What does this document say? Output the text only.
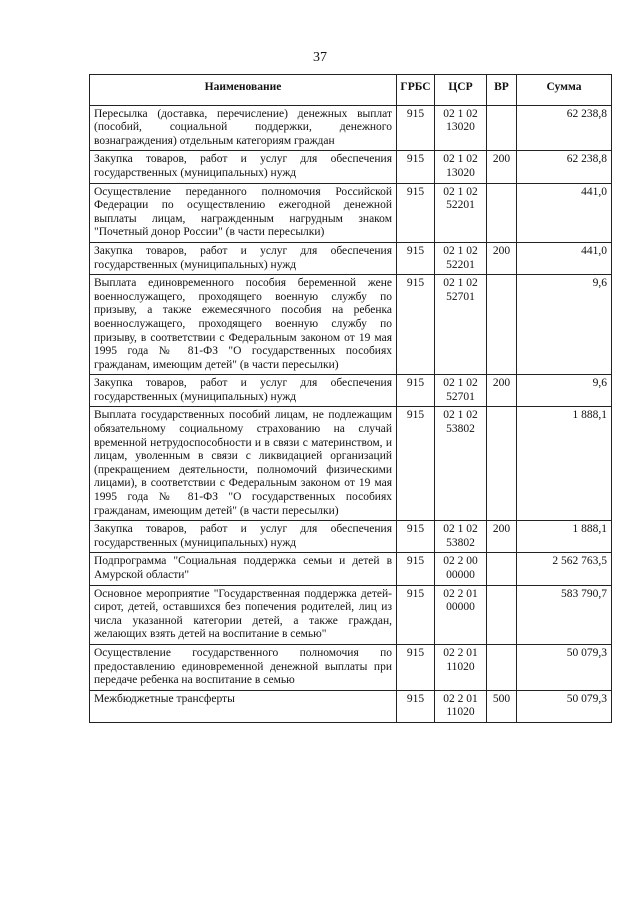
37
Наименование	ГРБС	ЦСР	ВР	Сумма
Пересылка (доставка, перечисление) денежных выплат (пособий, социальной поддержки, денежного вознаграждения) отдельным категориям граждан	915	02 1 02 13020		62 238,8
Закупка товаров, работ и услуг для обеспечения государственных (муниципальных) нужд	915	02 1 02 13020	200	62 238,8
Осуществление переданного полномочия Российской Федерации по осуществлению ежегодной денежной выплаты лицам, награжденным нагрудным знаком "Почетный донор России" (в части пересылки)	915	02 1 02 52201		441,0
Закупка товаров, работ и услуг для обеспечения государственных (муниципальных) нужд	915	02 1 02 52201	200	441,0
Выплата единовременного пособия беременной жене военнослужащего, проходящего военную службу по призыву, а также ежемесячного пособия на ребенка военнослужащего, проходящего военную службу по призыву, в соответствии с Федеральным законом от 19 мая 1995 года № 81-ФЗ "О государственных пособиях гражданам, имеющим детей" (в части пересылки)	915	02 1 02 52701		9,6
Закупка товаров, работ и услуг для обеспечения государственных (муниципальных) нужд	915	02 1 02 52701	200	9,6
Выплата государственных пособий лицам, не подлежащим обязательному социальному страхованию на случай временной нетрудоспособности и в связи с материнством, и лицам, уволенным в связи с ликвидацией организаций (прекращением деятельности, полномочий физическими лицами), в соответствии с Федеральным законом от 19 мая 1995 года № 81-ФЗ "О государственных пособиях гражданам, имеющим детей" (в части пересылки)	915	02 1 02 53802		1 888,1
Закупка товаров, работ и услуг для обеспечения государственных (муниципальных) нужд	915	02 1 02 53802	200	1 888,1
Подпрограмма "Социальная поддержка семьи и детей в Амурской области"	915	02 2 00 00000		2 562 763,5
Основное мероприятие "Государственная поддержка детей-сирот, детей, оставшихся без попечения родителей, лиц из числа указанной категории детей, а также граждан, желающих взять детей на воспитание в семью"	915	02 2 01 00000		583 790,7
Осуществление государственного полномочия по предоставлению единовременной денежной выплаты при передаче ребенка на воспитание в семью	915	02 2 01 11020		50 079,3
Межбюджетные трансферты	915	02 2 01 11020	500	50 079,3
